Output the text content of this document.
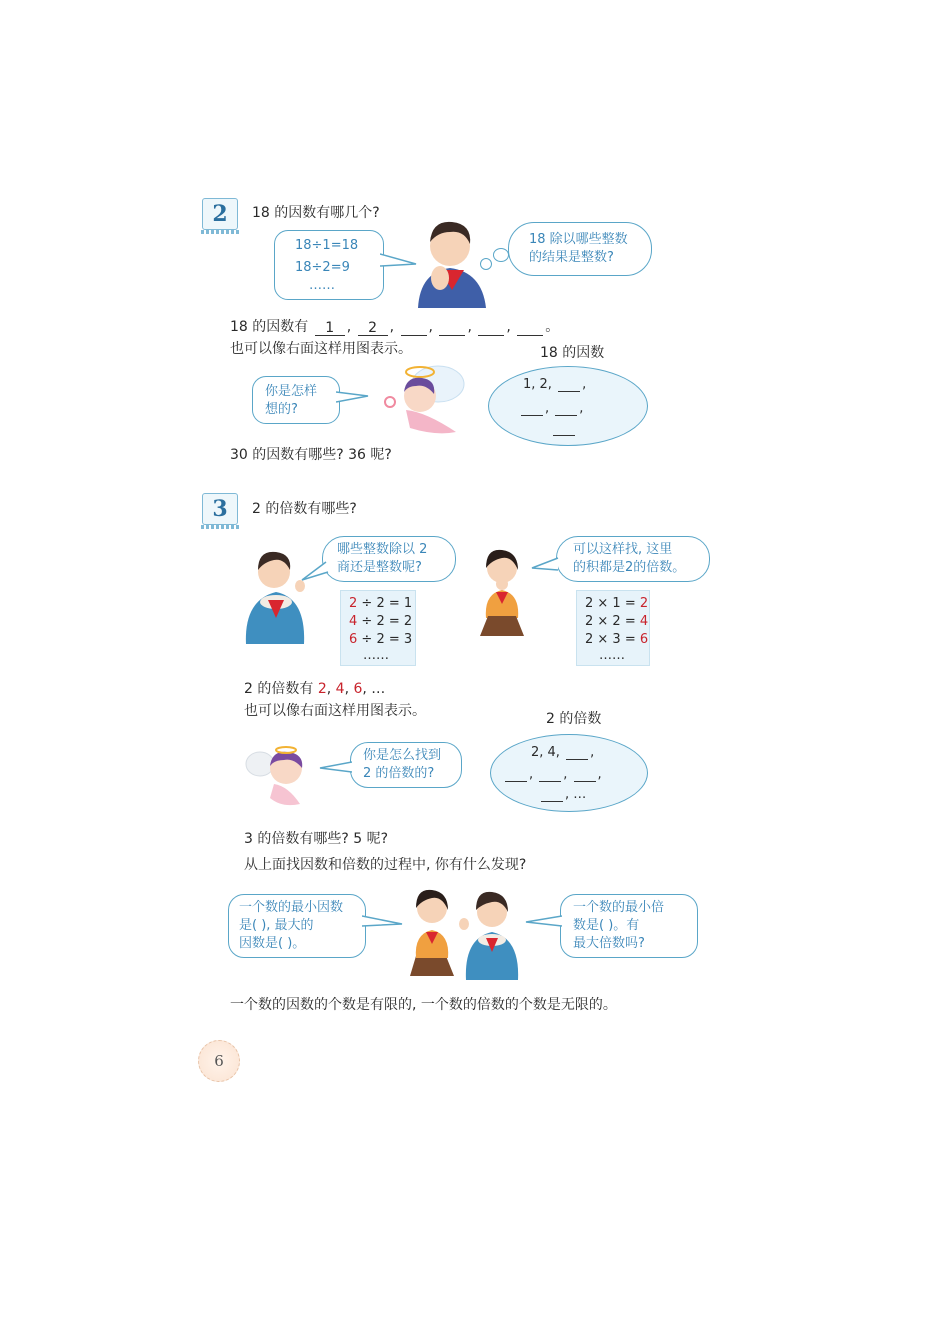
2	18 的因数有哪几个?
18÷1=18
18÷2=9
……
18 除以哪些整数
的结果是整数?
18 的因数有 1 , 2 , , , , 。
也可以像右面这样用图表示。	18 的因数
你是怎样
想的?
1, 2, ,
, ,
30 的因数有哪些? 36 呢?
3	2 的倍数有哪些?
哪些整数除以 2
商还是整数呢?
2 ÷ 2 = 1
4 ÷ 2 = 2
6 ÷ 2 = 3
……
可以这样找, 这里
的积都是2的倍数。
2 × 1 = 2
2 × 2 = 4
2 × 3 = 6
……
2 的倍数有 2, 4, 6, …
也可以像右面这样用图表示。	2 的倍数
你是怎么找到
2 的倍数的?
2, 4, ,
, , ,
, …
3 的倍数有哪些? 5 呢?
从上面找因数和倍数的过程中, 你有什么发现?
一个数的最小因数
是( ), 最大的
因数是( )。
一个数的最小倍
数是( )。有
最大倍数吗?
一个数的因数的个数是有限的, 一个数的倍数的个数是无限的。
6
